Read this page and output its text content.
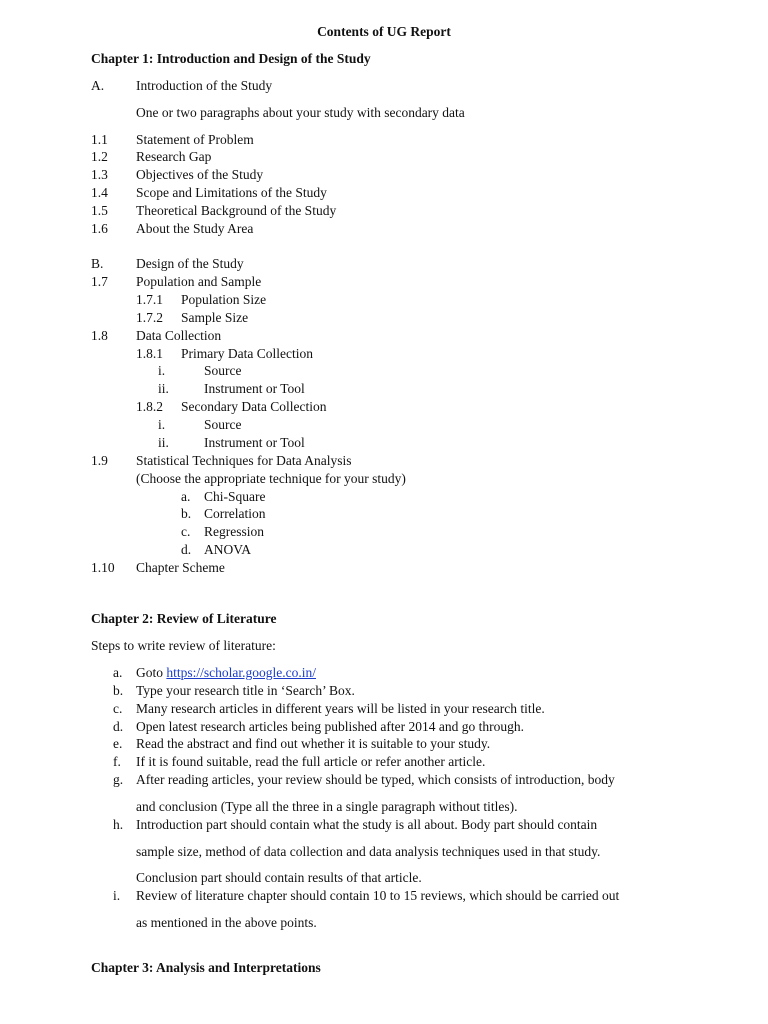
Contents of UG Report
Chapter 1: Introduction and Design of the Study
A. Introduction of the Study
One or two paragraphs about your study with secondary data
1.1 Statement of Problem
1.2 Research Gap
1.3 Objectives of the Study
1.4 Scope and Limitations of the Study
1.5 Theoretical Background of the Study
1.6 About the Study Area
B. Design of the Study
1.7 Population and Sample
1.7.1 Population Size
1.7.2 Sample Size
1.8 Data Collection
1.8.1 Primary Data Collection
i.	Source
ii.	Instrument or Tool
1.8.2 Secondary Data Collection
i.	Source
ii.	Instrument or Tool
1.9 Statistical Techniques for Data Analysis
(Choose the appropriate technique for your study)
a. Chi-Square
b. Correlation
c. Regression
d. ANOVA
1.10 Chapter Scheme
Chapter 2: Review of Literature
Steps to write review of literature:
a. Goto https://scholar.google.co.in/
b. Type your research title in ‘Search’ Box.
c. Many research articles in different years will be listed in your research title.
d. Open latest research articles being published after 2014 and go through.
e. Read the abstract and find out whether it is suitable to your study.
f. If it is found suitable, read the full article or refer another article.
g. After reading articles, your review should be typed, which consists of introduction, body
and conclusion (Type all the three in a single paragraph without titles).
h. Introduction part should contain what the study is all about. Body part should contain
sample size, method of data collection and data analysis techniques used in that study.
Conclusion part should contain results of that article.
i. Review of literature chapter should contain 10 to 15 reviews, which should be carried out
as mentioned in the above points.
Chapter 3: Analysis and Interpretations
